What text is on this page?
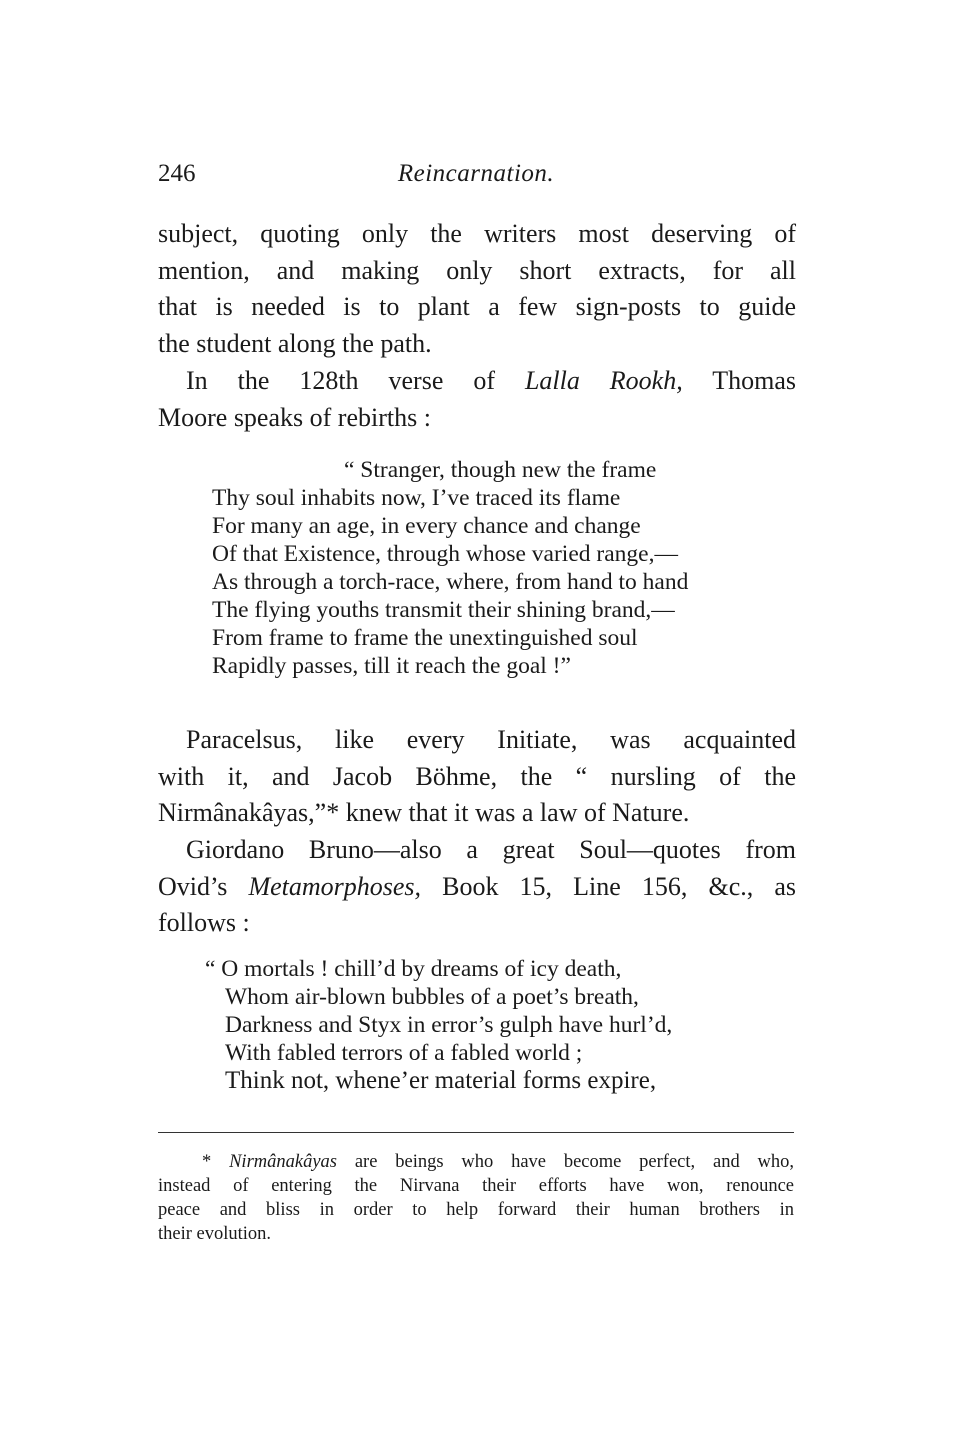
246	Reincarnation.
subject, quoting only the writers most deserving of
mention, and making only short extracts, for all
that is needed is to plant a few sign-posts to guide
the student along the path.
In the 128th verse of Lalla Rookh, Thomas
Moore speaks of rebirths :
“ Stranger, though new the frame
Thy soul inhabits now, I’ve traced its flame
For many an age, in every chance and change
Of that Existence, through whose varied range,—
As through a torch-race, where, from hand to hand
The flying youths transmit their shining brand,—
From frame to frame the unextinguished soul
Rapidly passes, till it reach the goal !”
Paracelsus, like every Initiate, was acquainted
with it, and Jacob Böhme, the “ nursling of the
Nirmânakâyas,”* knew that it was a law of Nature.
Giordano Bruno—also a great Soul—quotes from
Ovid’s Metamorphoses, Book 15, Line 156, &c., as
follows :
“ O mortals ! chill’d by dreams of icy death,
Whom air-blown bubbles of a poet’s breath,
Darkness and Styx in error’s gulph have hurl’d,
With fabled terrors of a fabled world ;
Think not, whene’er material forms expire,
* Nirmânakâyas are beings who have become perfect, and who,
instead of entering the Nirvana their efforts have won, renounce
peace and bliss in order to help forward their human brothers in
their evolution.
